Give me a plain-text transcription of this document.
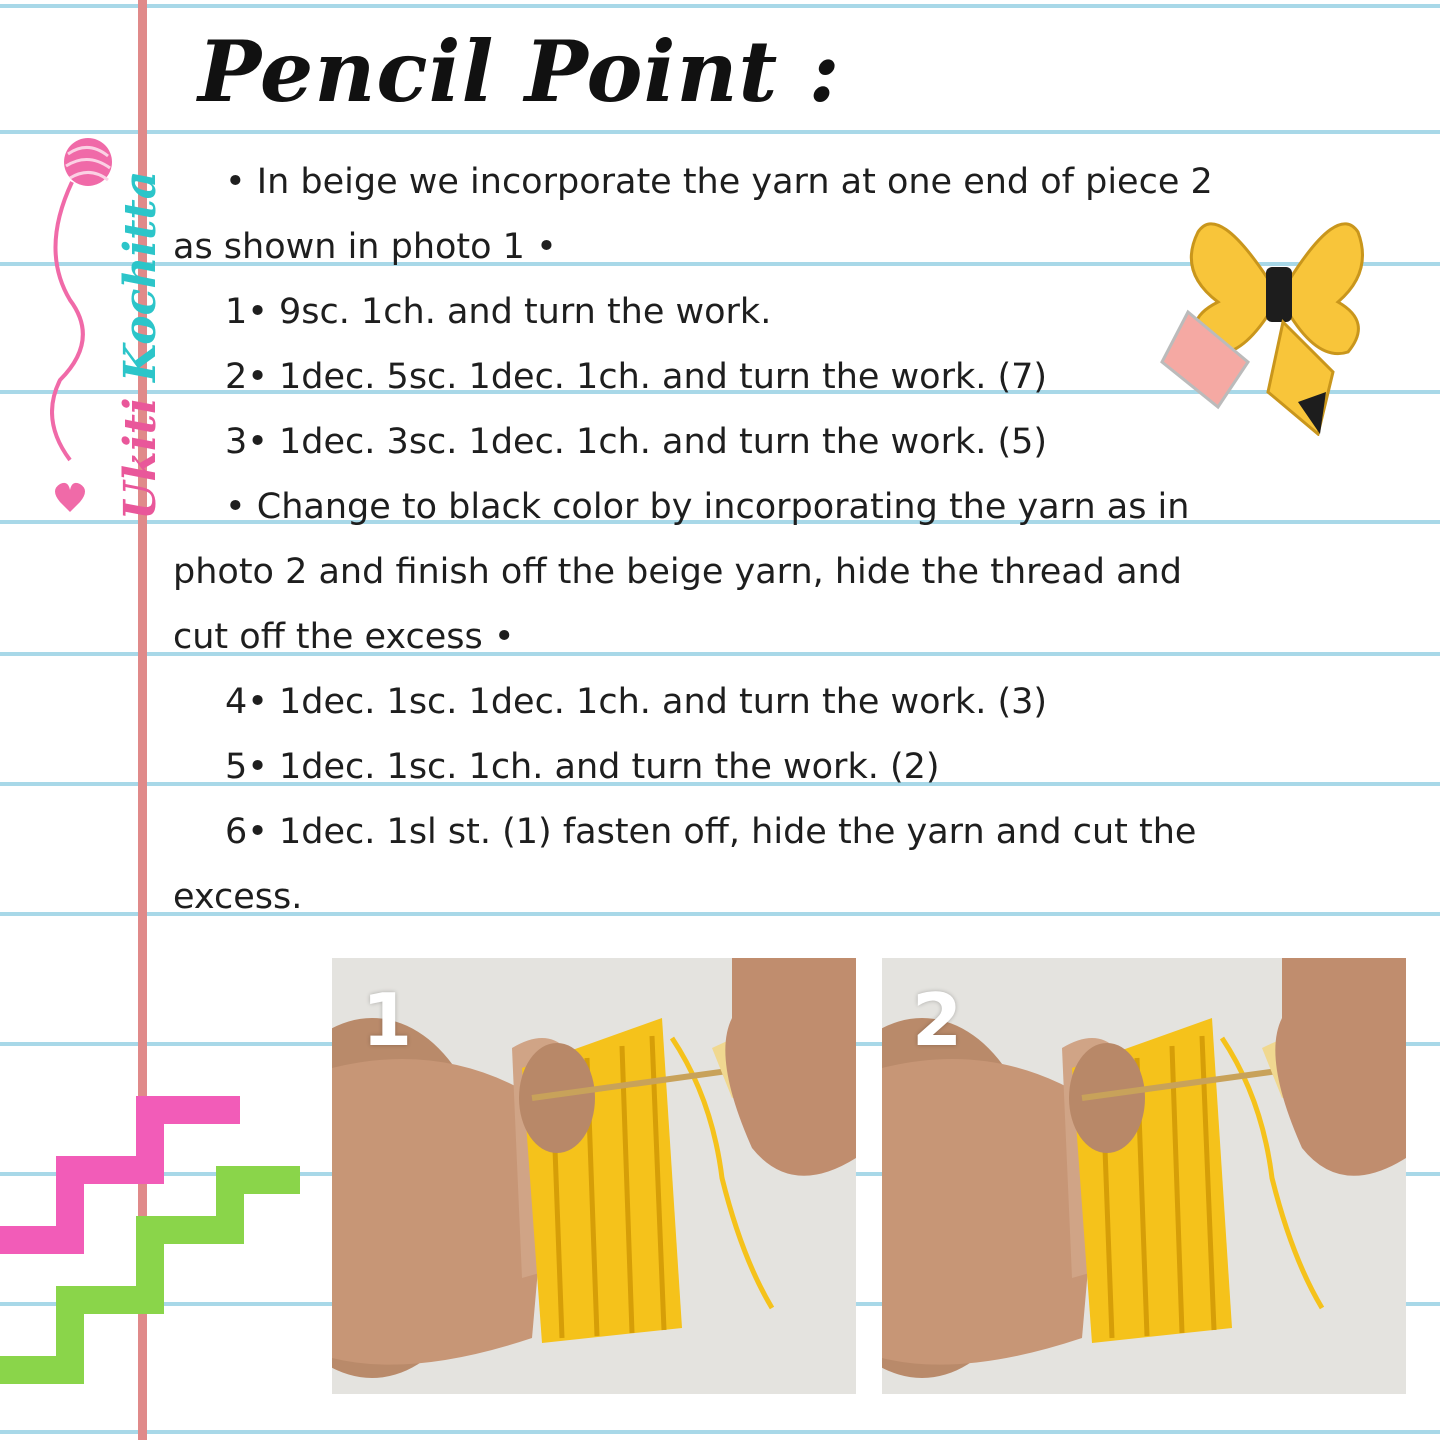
Ukiti Kochitta
Pencil Point :
• In beige we incorporate the yarn at one end of piece 2
as shown in photo 1 •
1• 9sc. 1ch. and turn the work.
2• 1dec. 5sc. 1dec. 1ch. and turn the work. (7)
3• 1dec. 3sc. 1dec. 1ch. and turn the work. (5)
• Change to black color by incorporating the yarn as in
photo 2 and finish off the beige yarn, hide the thread and
cut off the excess •
4• 1dec. 1sc. 1dec. 1ch. and turn the work. (3)
5• 1dec. 1sc. 1ch. and turn the work. (2)
6• 1dec. 1sl st. (1) fasten off, hide the yarn and cut the
excess.
1	2
